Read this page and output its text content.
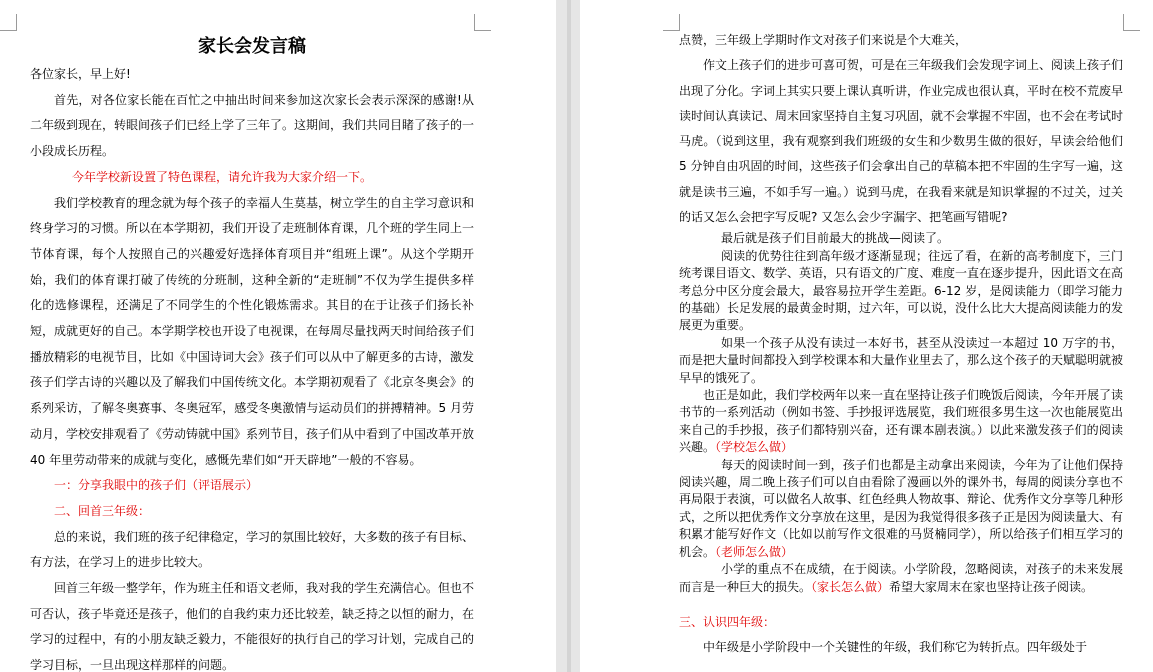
家长会发言稿

各位家长，早上好!

首先，对各位家长能在百忙之中抽出时间来参加这次家长会表示深深的感谢!从二年级到现在，转眼间孩子们已经上学了三年了。这期间，我们共同目睹了孩子的一小段成长历程。

今年学校新设置了特色课程，请允许我为大家介绍一下。

我们学校教育的理念就为每个孩子的幸福人生莫基，树立学生的自主学习意识和终身学习的习惯。所以在本学期初，我们开设了走班制体育课，几个班的学生同上一节体育课，每个人按照自己的兴趣爱好选择体育项目并“组班上课”。从这个学期开始，我们的体育课打破了传统的分班制，这种全新的“走班制”不仅为学生提供多样化的选修课程，还满足了不同学生的个性化锻炼需求。其目的在于让孩子们扬长补短，成就更好的自己。本学期学校也开设了电视课，在每周尽量找两天时间给孩子们播放精彩的电视节目，比如《中国诗词大会》孩子们可以从中了解更多的古诗，激发孩子们学古诗的兴趣以及了解我们中国传统文化。本学期初观看了《北京冬奥会》的系列采访，了解冬奥赛事、冬奥冠军，感受冬奥激情与运动员们的拼搏精神。5 月劳动月，学校安排观看了《劳动铸就中国》系列节目，孩子们从中看到了中国改革开放 40 年里劳动带来的成就与变化，感慨先辈们如“开天辟地”一般的不容易。

一：分享我眼中的孩子们（评语展示）

二、回首三年级：

总的来说，我们班的孩子纪律稳定，学习的氛围比较好，大多数的孩子有目标、有方法，在学习上的进步比较大。

回首三年级一整学年，作为班主任和语文老师，我对我的学生充满信心。但也不可否认，孩子毕竟还是孩子，他们的自我约束力还比较差，缺乏持之以恒的耐力，在学习的过程中，有的小朋友缺乏毅力，不能很好的执行自己的学习计划，完成自己的学习目标，一旦出现这样那样的问题。

点赞，三年级上学期时作文对孩子们来说是个大难关，

作文上孩子们的进步可喜可贺，可是在三年级我们会发现字词上、阅读上孩子们出现了分化。字词上其实只要上课认真听讲，作业完成也很认真，平时在校不荒废早读时间认真读记、周末回家坚持自主复习巩固，就不会掌握不牢固，也不会在考试时马虎。（说到这里，我有观察到我们班级的女生和少数男生做的很好，早读会给他们 5 分钟自由巩固的时间，这些孩子们会拿出自己的草稿本把不牢固的生字写一遍，这就是读书三遍，不如手写一遍。）说到马虎，在我看来就是知识掌握的不过关，过关的话又怎么会把字写反呢? 又怎么会少字漏字、把笔画写错呢?

最后就是孩子们目前最大的挑战—阅读了。

阅读的优势往往到高年级才逐渐显现；往远了看，在新的高考制度下，三门统考课目语文、数学、英语，只有语文的广度、难度一直在逐步提升，因此语文在高考总分中区分度会最大，最容易拉开学生差距。6-12 岁，是阅读能力（即学习能力的基础）长足发展的最黄金时期，过六年，可以说，没什么比大大提高阅读能力的发展更为重要。

如果一个孩子从没有读过一本好书，甚至从没读过一本超过 10 万字的书，而是把大量时间都投入到学校课本和大量作业里去了，那么这个孩子的天赋聪明就被早早的饿死了。

也正是如此，我们学校两年以来一直在坚持让孩子们晚饭后阅读，今年开展了读书节的一系列活动（例如书签、手抄报评选展览，我们班很多男生这一次也能展览出来自己的手抄报，孩子们都特别兴奋，还有课本剧表演。）以此来激发孩子们的阅读兴趣。（学校怎么做）

每天的阅读时间一到，孩子们也都是主动拿出来阅读，今年为了让他们保持阅读兴趣，周二晚上孩子们可以自由看除了漫画以外的课外书，每周的阅读分享也不再局限于表演，可以做名人故事、红色经典人物故事、辩论、优秀作文分享等几种形式，之所以把优秀作文分享放在这里，是因为我觉得很多孩子正是因为阅读量大、有积累才能写好作文（比如以前写作文很难的马贤楠同学），所以给孩子们相互学习的机会。（老师怎么做）

小学的重点不在成绩，在于阅读。小学阶段，忽略阅读，对孩子的未来发展而言是一种巨大的损失。（家长怎么做）希望大家周末在家也坚持让孩子阅读。

三、认识四年级：

中年级是小学阶段中一个关键性的年级，我们称它为转折点。四年级处于
